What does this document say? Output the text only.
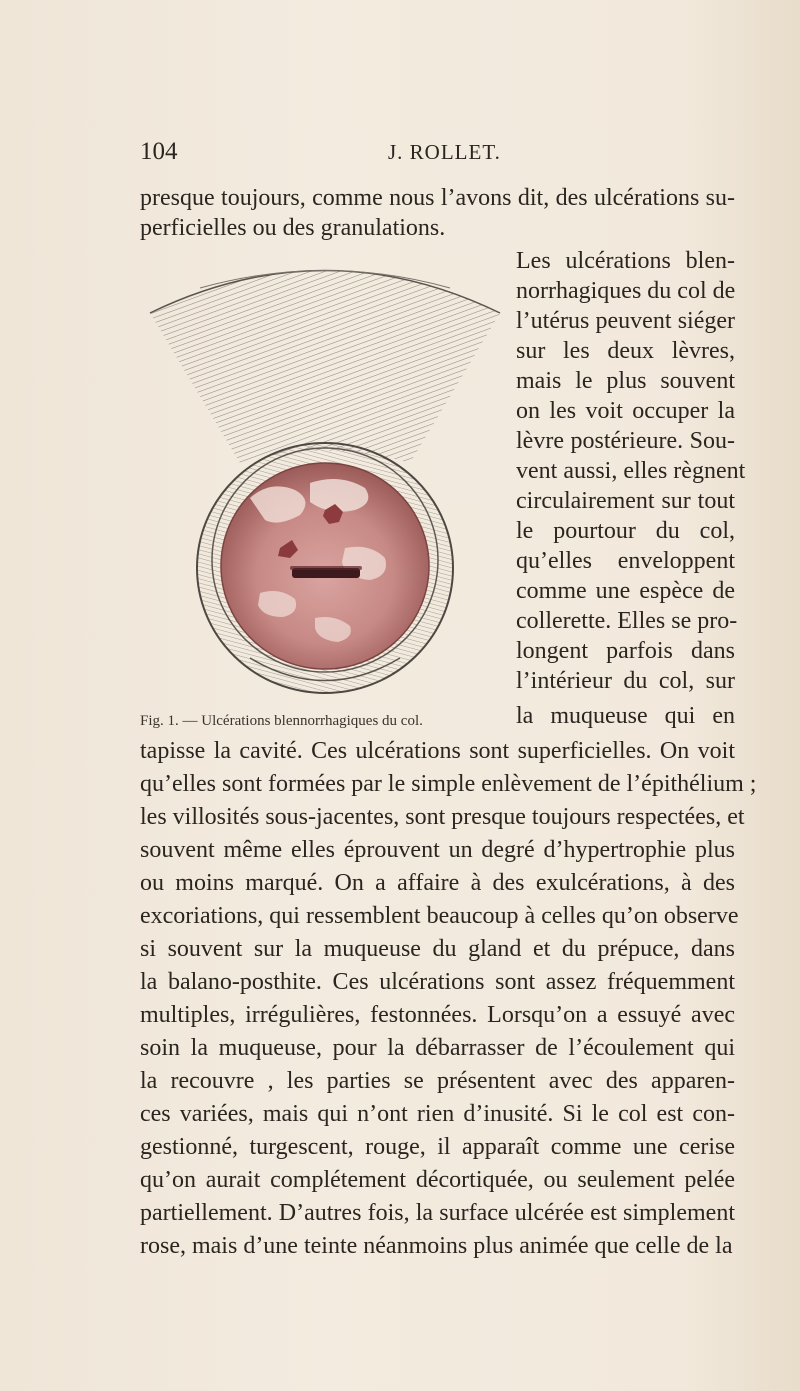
104	J. ROLLET.
presque toujours, comme nous l’avons dit, des ulcérations su-
perficielles ou des granulations.
Fig. 1. — Ulcérations blennorrhagiques du col.
Les ulcérations blen-
norrhagiques du col de
l’utérus peuvent siéger
sur les deux lèvres,
mais le plus souvent
on les voit occuper la
lèvre postérieure. Sou-
vent aussi, elles règnent
circulairement sur tout
le pourtour du col,
qu’elles enveloppent
comme une espèce de
collerette. Elles se pro-
longent parfois dans
l’intérieur du col, sur
la muqueuse qui en
tapisse la cavité. Ces ulcérations sont superficielles. On voit
qu’elles sont formées par le simple enlèvement de l’épithélium ;
les villosités sous-jacentes, sont presque toujours respectées, et
souvent même elles éprouvent un degré d’hypertrophie plus
ou moins marqué. On a affaire à des exulcérations, à des
excoriations, qui ressemblent beaucoup à celles qu’on observe
si souvent sur la muqueuse du gland et du prépuce, dans
la balano-posthite. Ces ulcérations sont assez fréquemment
multiples, irrégulières, festonnées. Lorsqu’on a essuyé avec
soin la muqueuse, pour la débarrasser de l’écoulement qui
la recouvre , les parties se présentent avec des apparen-
ces variées, mais qui n’ont rien d’inusité. Si le col est con-
gestionné, turgescent, rouge, il apparaît comme une cerise
qu’on aurait complétement décortiquée, ou seulement pelée
partiellement. D’autres fois, la surface ulcérée est simplement
rose, mais d’une teinte néanmoins plus animée que celle de la
